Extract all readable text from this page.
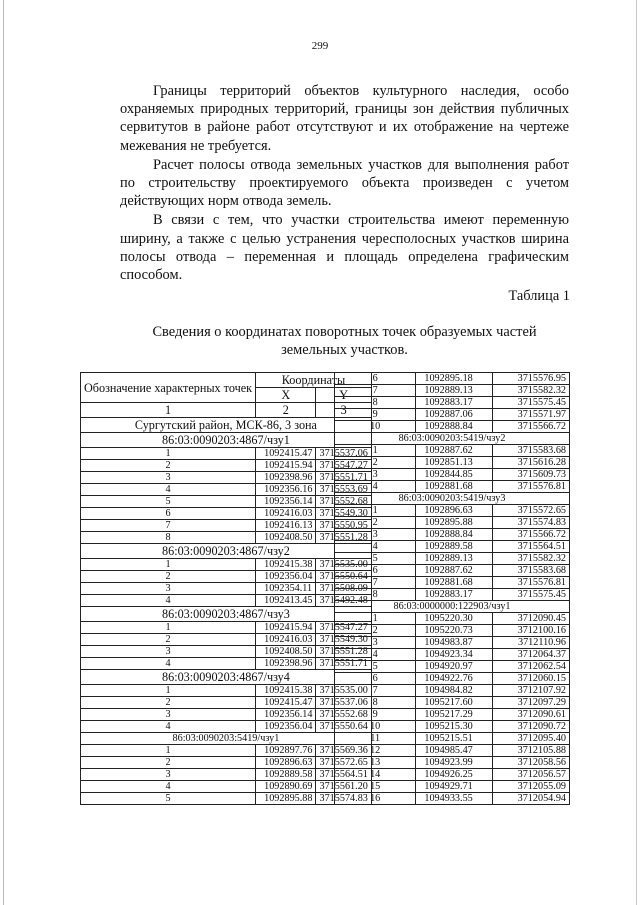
299

Границы территорий объектов культурного наследия, особо охраняемых природных территорий, границы зон действия публичных сервитутов в районе работ отсутствуют и их отображение на чертеже межевания не требуется.

Расчет полосы отвода земельных участков для выполнения работ по строительству проектируемого объекта произведен с учетом действующих норм отвода земель.

В связи с тем, что участки строительства имеют переменную ширину, а также с целью устранения чересполосных участков ширина полосы отвода – переменная и площадь определена графическим способом.

Таблица 1
Сведения о координатах поворотных точек образуемых частей земельных участков.
Обозначение характерных точек	Координаты	
	X	Y
1	2	3
Сургутский район, МСК-86, 3 зона		
86:03:0090203:4867/чзу1		
1	1092415.47	3715537.06
2	1092415.94	3715547.27
3	1092398.96	3715551.71
4	1092356.16	3715553.69
5	1092356.14	3715552.68
6	1092416.03	3715549.30
7	1092416.13	3715550.95
8	1092408.50	3715551.28
86:03:0090203:4867/чзу2		
1	1092415.38	3715535.00
2	1092356.04	3715550.64
3	1092354.11	3715508.09
4	1092413.45	3715492.48
86:03:0090203:4867/чзу3		
1	1092415.94	3715547.27
2	1092416.03	3715549.30
3	1092408.50	3715551.28
4	1092398.96	3715551.71
86:03:0090203:4867/чзу4		
1	1092415.38	3715535.00
2	1092415.47	3715537.06
3	1092356.14	3715552.68
4	1092356.04	3715550.64
86:03:0090203:5419/чзу1		
1	1092897.76	3715569.36
2	1092896.63	3715572.65
3	1092889.58	3715564.51
4	1092890.69	3715561.20
5	1092895.88	3715574.83
6	1092895.18	3715576.95
7	1092889.13	3715582.32
8	1092883.17	3715575.45
9	1092887.06	3715571.97
10	1092888.84	3715566.72
86:03:0090203:5419/чзу2		
1	1092887.62	3715583.68
2	1092851.13	3715616.28
3	1092844.85	3715609.73
4	1092881.68	3715576.81
86:03:0090203:5419/чзу3		
1	1092896.63	3715572.65
2	1092895.88	3715574.83
3	1092888.84	3715566.72
4	1092889.58	3715564.51
5	1092889.13	3715582.32
6	1092887.62	3715583.68
7	1092881.68	3715576.81
8	1092883.17	3715575.45
86:03:0000000:122903/чзу1		
1	1095220.30	3712090.45
2	1095220.73	3712100.16
3	1094983.87	3712110.96
4	1094923.34	3712064.37
5	1094920.97	3712062.54
6	1094922.76	3712060.15
7	1094984.82	3712107.92
8	1095217.60	3712097.29
9	1095217.29	3712090.61
10	1095215.30	3712090.72
11	1095215.51	3712095.40
12	1094985.47	3712105.88
13	1094923.99	3712058.56
14	1094926.25	3712056.57
15	1094929.71	3712055.09
16	1094933.55	3712054.94
